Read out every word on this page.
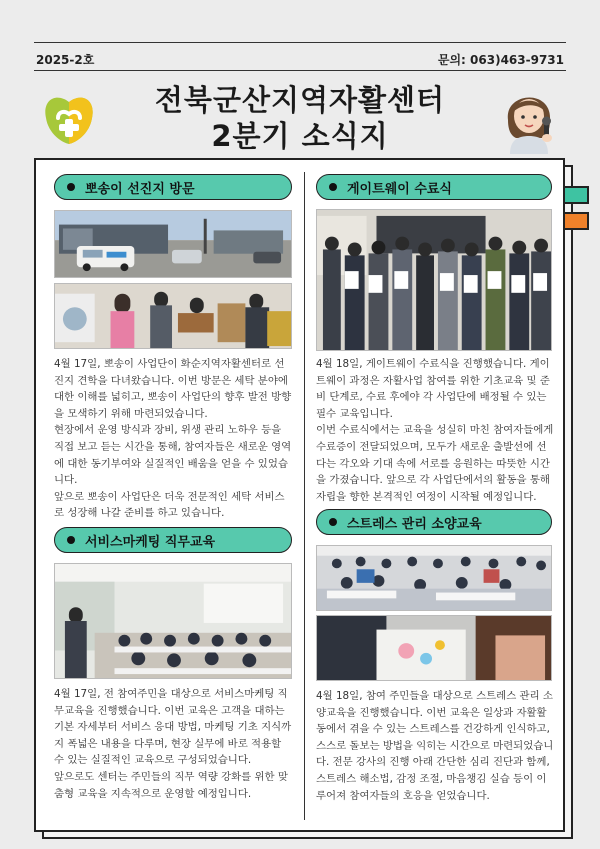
2025-2호	문의: 063)463-9731
전북군산지역자활센터
2분기 소식지
뽀송이 선진지 방문

4월 17일, 뽀송이 사업단이 화순지역자활센터로 선진지 견학을 다녀왔습니다. 이번 방문은 세탁 분야에 대한 이해를 넓히고, 뽀송이 사업단의 향후 발전 방향을 모색하기 위해 마련되었습니다.

현장에서 운영 방식과 장비, 위생 관리 노하우 등을 직접 보고 듣는 시간을 통해, 참여자들은 새로운 영역에 대한 동기부여와 실질적인 배움을 얻을 수 있었습니다.

앞으로 뽀송이 사업단은 더욱 전문적인 세탁 서비스로 성장해 나갈 준비를 하고 있습니다.

서비스마케팅 직무교육

4월 17일, 전 참여주민을 대상으로 서비스마케팅 직무교육을 진행했습니다. 이번 교육은 고객을 대하는 기본 자세부터 서비스 응대 방법, 마케팅 기초 지식까지 폭넓은 내용을 다루며, 현장 실무에 바로 적용할 수 있는 실질적인 교육으로 구성되었습니다.

앞으로도 센터는 주민들의 직무 역량 강화를 위한 맞춤형 교육을 지속적으로 운영할 예정입니다.

게이트웨이 수료식

4월 18일, 게이트웨이 수료식을 진행했습니다. 게이트웨이 과정은 자활사업 참여를 위한 기초교육 및 준비 단계로, 수료 후에야 각 사업단에 배정될 수 있는 필수 교육입니다.

이번 수료식에서는 교육을 성실히 마친 참여자들에게 수료증이 전달되었으며, 모두가 새로운 출발선에 선다는 각오와 기대 속에 서로를 응원하는 따뜻한 시간을 가졌습니다. 앞으로 각 사업단에서의 활동을 통해 자립을 향한 본격적인 여정이 시작될 예정입니다.

스트레스 관리 소양교육

4월 18일, 참여 주민들을 대상으로 스트레스 관리 소양교육을 진행했습니다. 이번 교육은 일상과 자활활동에서 겪을 수 있는 스트레스를 건강하게 인식하고, 스스로 돌보는 방법을 익히는 시간으로 마련되었습니다. 전문 강사의 진행 아래 간단한 심리 진단과 함께, 스트레스 해소법, 감정 조절, 마음챙김 실습 등이 이루어져 참여자들의 호응을 얻었습니다.
